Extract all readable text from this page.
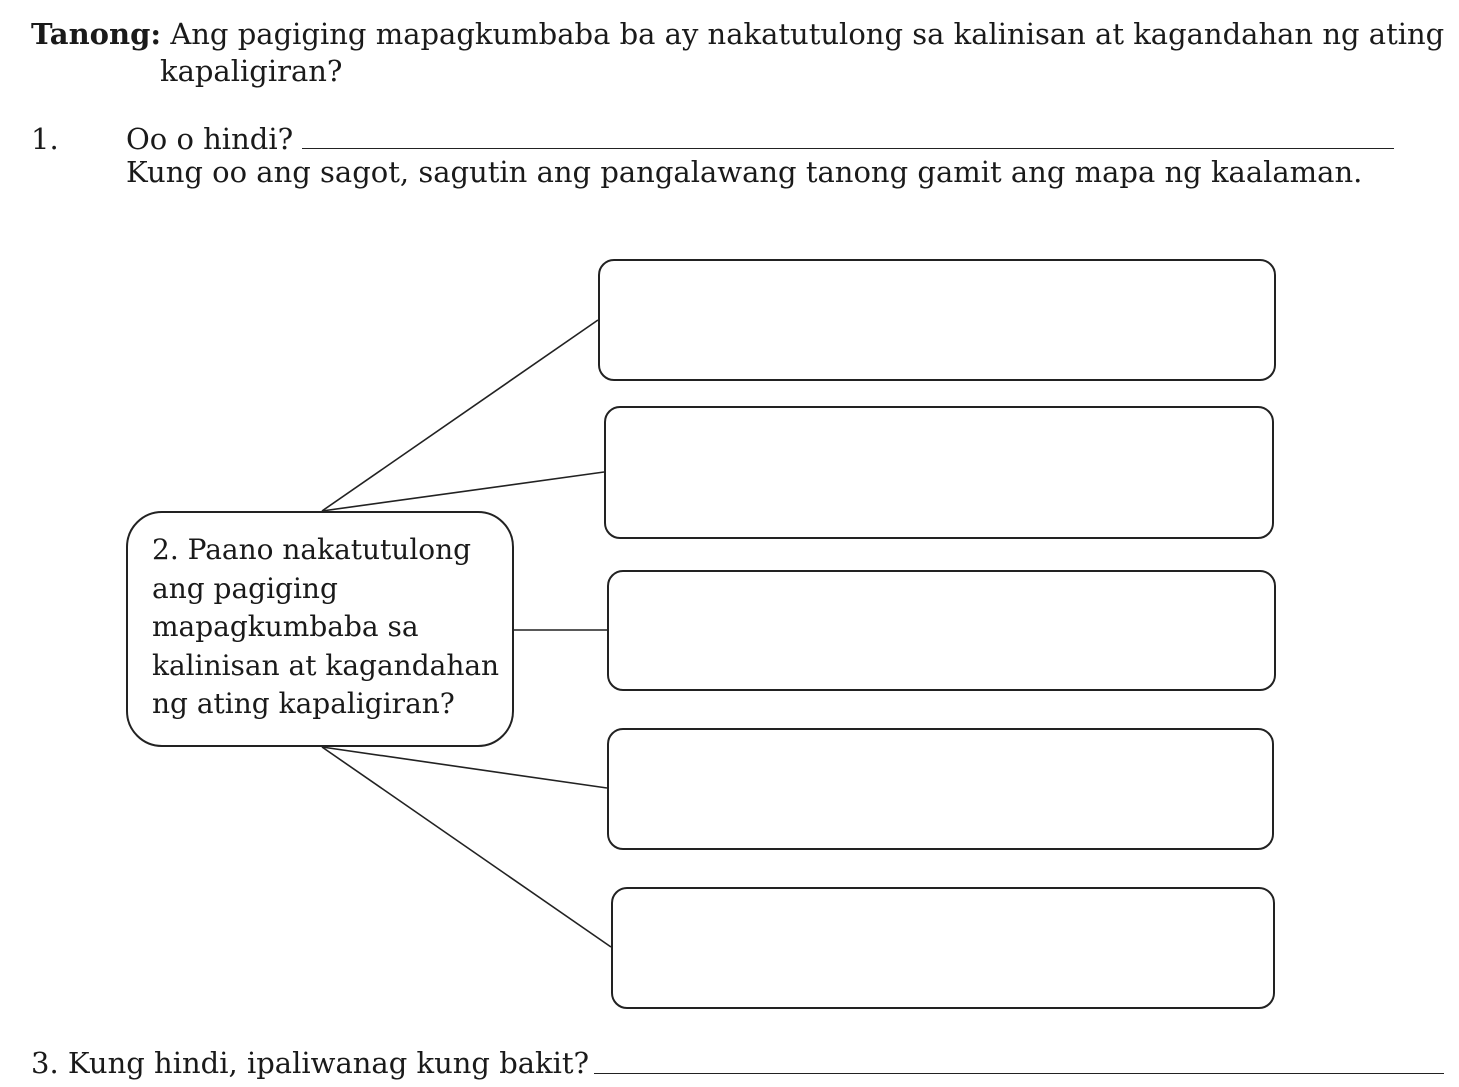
Tanong: Ang pagiging mapagkumbaba ba ay nakatutulong sa kalinisan at kagandahan ng ating
kapaligiran?
1. Oo o hindi?
Kung oo ang sagot, sagutin ang pangalawang tanong gamit ang mapa ng kaalaman.
2. Paano nakatutulong
ang pagiging
mapagkumbaba sa
kalinisan at kagandahan
ng ating kapaligiran?
3. Kung hindi, ipaliwanag kung bakit?
